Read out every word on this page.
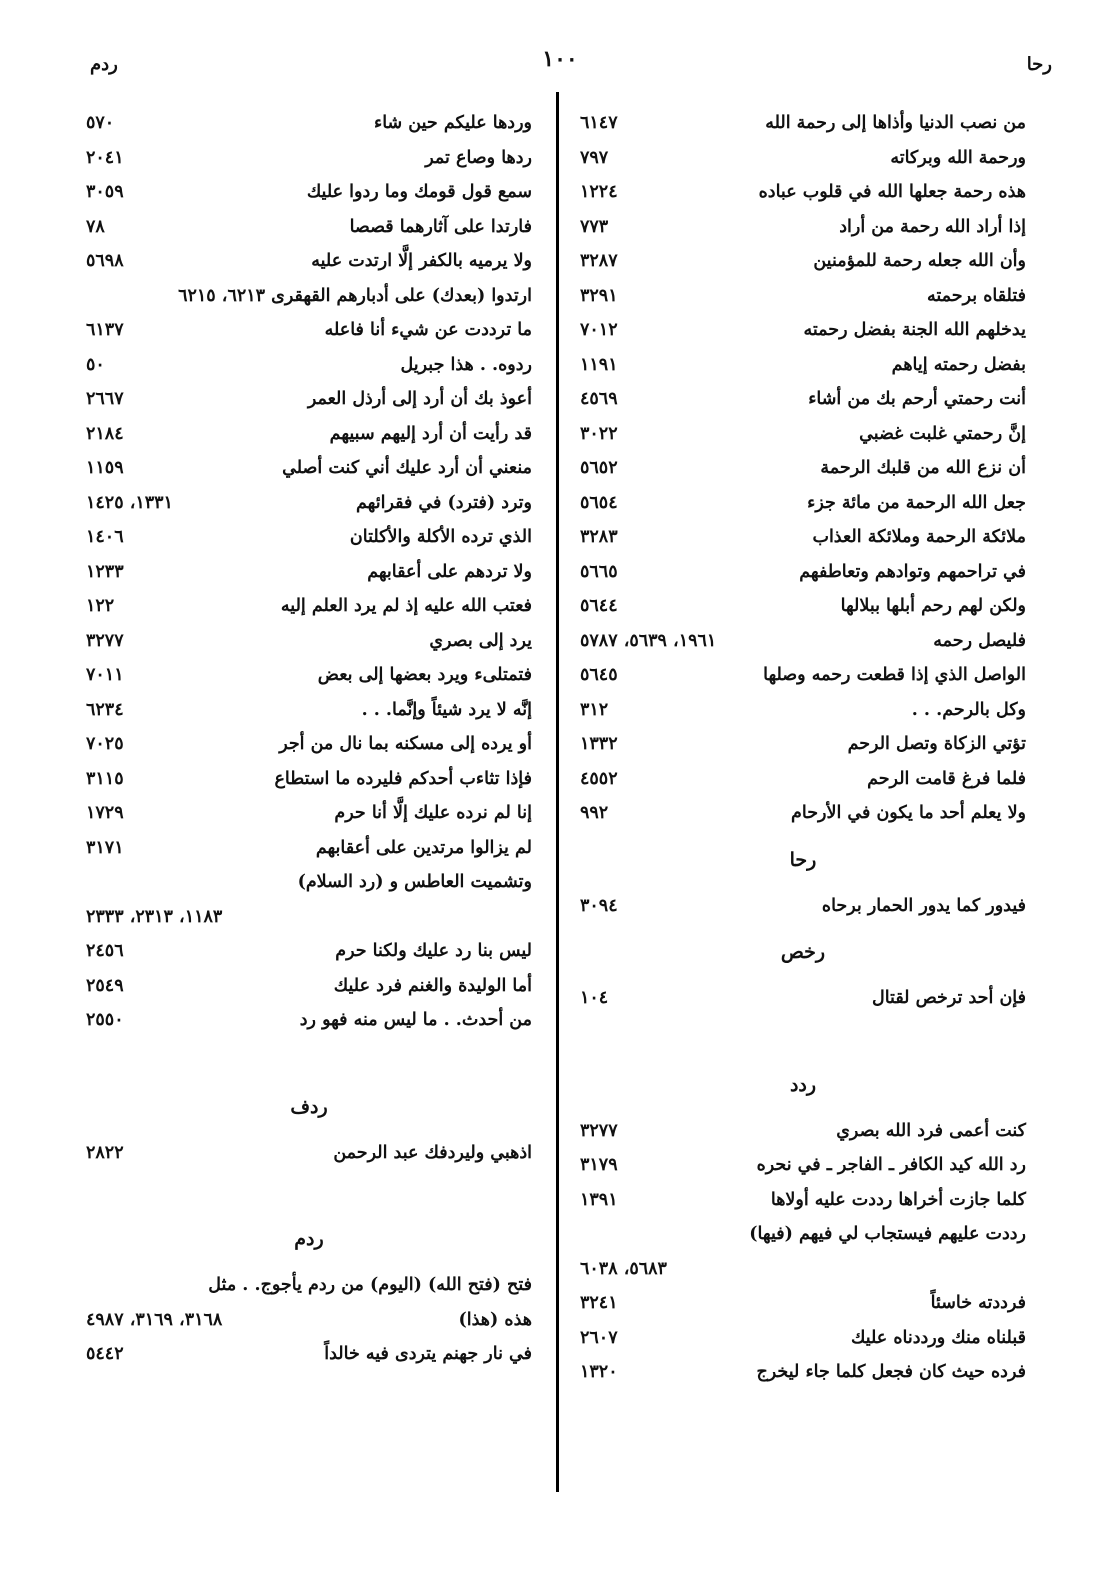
ردم	١٠٠	رحا
من نصب الدنيا وأذاها إلى رحمة الله
٦١٤٧
ورحمة الله وبركاته
٧٩٧
هذه رحمة جعلها الله في قلوب عباده
١٢٢٤
إذا أراد الله رحمة من أراد
٧٧٣
وأن الله جعله رحمة للمؤمنين
٣٢٨٧
فتلقاه برحمته
٣٢٩١
يدخلهم الله الجنة بفضل رحمته
٧٠١٢
بفضل رحمته إياهم
١١٩١
أنت رحمتي أرحم بك من أشاء
٤٥٦٩
إنَّ رحمتي غلبت غضبي
٣٠٢٢
أن نزع الله من قلبك الرحمة
٥٦٥٢
جعل الله الرحمة من مائة جزء
٥٦٥٤
ملائكة الرحمة وملائكة العذاب
٣٢٨٣
في تراحمهم وتوادهم وتعاطفهم
٥٦٦٥
ولكن لهم رحم أبلها ببلالها
٥٦٤٤
فليصل رحمه
١٩٦١، ٥٦٣٩، ٥٧٨٧
الواصل الذي إذا قطعت رحمه وصلها
٥٦٤٥
وكل بالرحم. . .
٣١٢
تؤتي الزكاة وتصل الرحم
١٣٣٢
فلما فرغ قامت الرحم
٤٥٥٢
ولا يعلم أحد ما يكون في الأرحام
٩٩٢
رحا
فيدور كما يدور الحمار برحاه
٣٠٩٤
رخص
فإن أحد ترخص لقتال
١٠٤
ردد
كنت أعمى فرد الله بصري
٣٢٧٧
رد الله كيد الكافر ـ الفاجر ـ في نحره
٣١٧٩
كلما جازت أخراها رددت عليه أولاها
١٣٩١
رددت عليهم فيستجاب لي فيهم (فيها)
٥٦٨٣، ٦٠٣٨
فرددته خاسئاً
٣٢٤١
قبلناه منك ورددناه عليك
٢٦٠٧
فرده حيث كان فجعل كلما جاء ليخرج
١٣٢٠
وردها عليكم حين شاء
٥٧٠
ردها وصاع تمر
٢٠٤١
سمع قول قومك وما ردوا عليك
٣٠٥٩
فارتدا على آثارهما قصصا
٧٨
ولا يرميه بالكفر إلَّا ارتدت عليه
٥٦٩٨
ارتدوا (بعدك) على أدبارهم القهقرى ٦٢١٣، ٦٢١٥
ما ترددت عن شيء أنا فاعله
٦١٣٧
ردوه. . هذا جبريل
٥٠
أعوذ بك أن أرد إلى أرذل العمر
٢٦٦٧
قد رأيت أن أرد إليهم سبيهم
٢١٨٤
منعني أن أرد عليك أني كنت أصلي
١١٥٩
وترد (فترد) في فقرائهم
١٣٣١، ١٤٢٥
الذي ترده الأكلة والأكلتان
١٤٠٦
ولا تردهم على أعقابهم
١٢٣٣
فعتب الله عليه إذ لم يرد العلم إليه
١٢٢
يرد إلى بصري
٣٢٧٧
فتمتلىء ويرد بعضها إلى بعض
٧٠١١
إنَّه لا يرد شيئاً وإنَّما. . .
٦٢٣٤
أو يرده إلى مسكنه بما نال من أجر
٧٠٢٥
فإذا تثاءب أحدكم فليرده ما استطاع
٣١١٥
إنا لم نرده عليك إلَّا أنا حرم
١٧٢٩
لم يزالوا مرتدين على أعقابهم
٣١٧١
وتشميت العاطس و (رد السلام)
١١٨٣، ٢٣١٣، ٢٣٣٣
ليس بنا رد عليك ولكنا حرم
٢٤٥٦
أما الوليدة والغنم فرد عليك
٢٥٤٩
من أحدث. . ما ليس منه فهو رد
٢٥٥٠
ردف
اذهبي وليردفك عبد الرحمن
٢٨٢٢
ردم
فتح (فتح الله) (اليوم) من ردم يأجوج. . مثل
هذه (هذا)
٣١٦٨، ٣١٦٩، ٤٩٨٧
في نار جهنم يتردى فيه خالداً
٥٤٤٢
